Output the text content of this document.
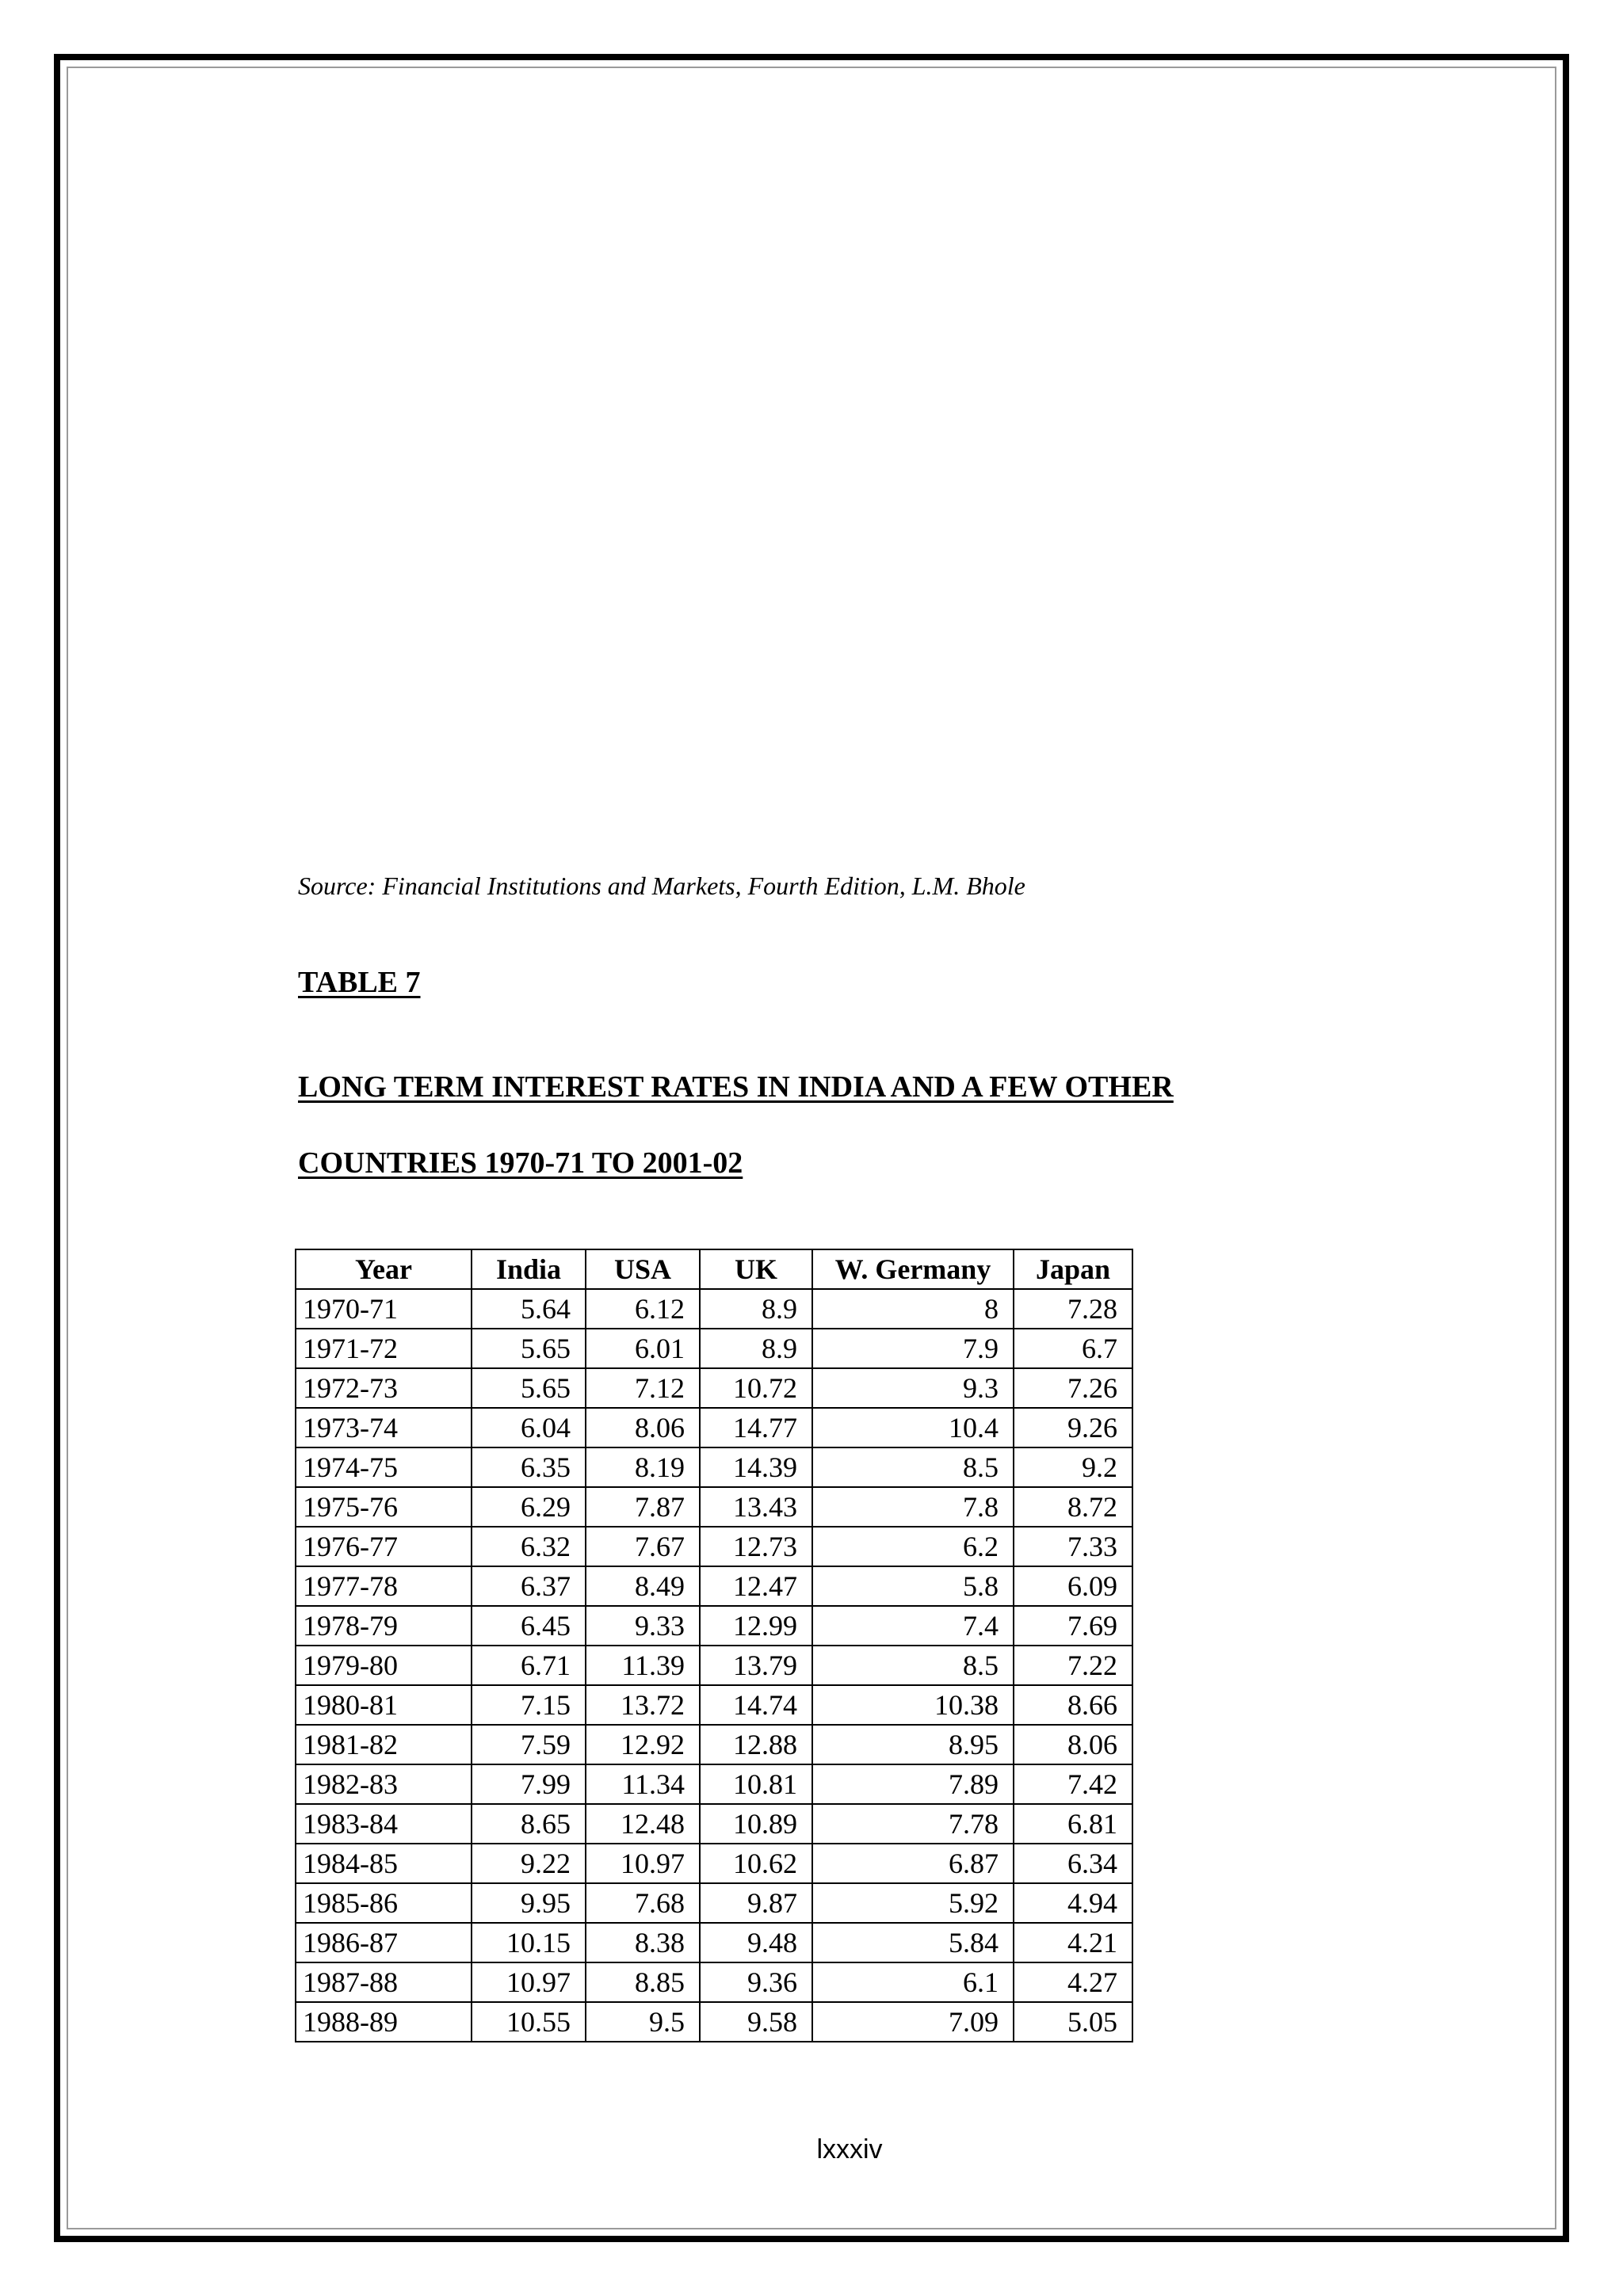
Source: Financial Institutions and Markets, Fourth Edition, L.M. Bhole
TABLE 7
LONG TERM INTEREST RATES IN INDIA AND A FEW OTHER
COUNTRIES 1970-71 TO 2001-02
Year	India	USA	UK	W. Germany	Japan
1970-71	5.64	6.12	8.9	8	7.28
1971-72	5.65	6.01	8.9	7.9	6.7
1972-73	5.65	7.12	10.72	9.3	7.26
1973-74	6.04	8.06	14.77	10.4	9.26
1974-75	6.35	8.19	14.39	8.5	9.2
1975-76	6.29	7.87	13.43	7.8	8.72
1976-77	6.32	7.67	12.73	6.2	7.33
1977-78	6.37	8.49	12.47	5.8	6.09
1978-79	6.45	9.33	12.99	7.4	7.69
1979-80	6.71	11.39	13.79	8.5	7.22
1980-81	7.15	13.72	14.74	10.38	8.66
1981-82	7.59	12.92	12.88	8.95	8.06
1982-83	7.99	11.34	10.81	7.89	7.42
1983-84	8.65	12.48	10.89	7.78	6.81
1984-85	9.22	10.97	10.62	6.87	6.34
1985-86	9.95	7.68	9.87	5.92	4.94
1986-87	10.15	8.38	9.48	5.84	4.21
1987-88	10.97	8.85	9.36	6.1	4.27
1988-89	10.55	9.5	9.58	7.09	5.05
lxxxiv
